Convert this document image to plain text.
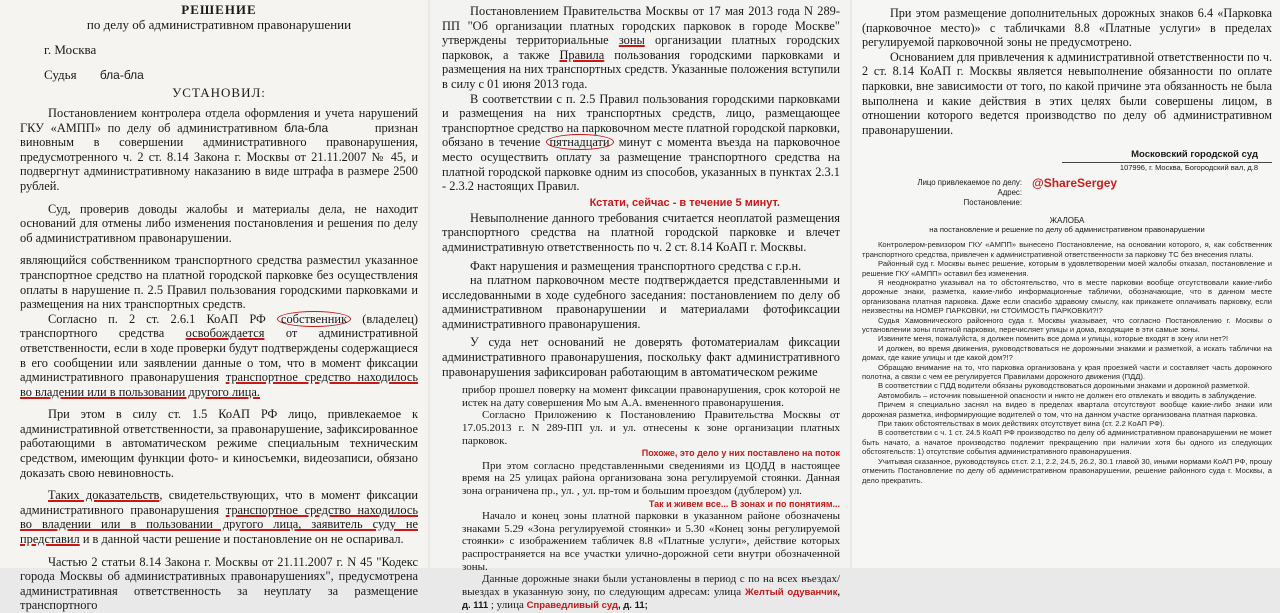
РЕШЕНИЕ

по делу об административном правонарушении

г. Москва

Судья бла-бла

УСТАНОВИЛ:

Постановлением контролера отдела оформления и учета нарушений ГКУ «АМПП» по делу об административном бла-бла	признан виновным в совершении административного правонарушения, предусмотренного ч. 2 ст. 8.14 Закона г. Москвы от 21.11.2007 № 45, и подвергнут административному наказанию в виде штрафа в размере 2500 рублей.

Суд, проверив доводы жалобы и материалы дела, не находит оснований для отмены либо изменения постановления и решения по делу об административном правонарушении.

являющийся собственником транспортного средства разместил указанное транспортное средство на платной городской парковке без осуществления оплаты в нарушение п. 2.5 Правил пользования городскими парковками и размещения на них транспортных средств.

Согласно п. 2 ст. 2.6.1 КоАП РФ собственник (владелец) транспортного средства освобождается от административной ответственности, если в ходе проверки будут подтверждены содержащиеся в его сообщении или заявлении данные о том, что в момент фиксации административного правонарушения транспортное средство находилось во владении или в пользовании другого лица.

При этом в силу ст. 1.5 КоАП РФ лицо, привлекаемое к административной ответственности, за правонарушение, зафиксированное работающими в автоматическом режиме специальным техническим средством, имеющим функции фото- и киносъемки, видеозаписи, обязано доказать свою невиновность.

Таких доказательств, свидетельствующих, что в момент фиксации административного правонарушения транспортное средство находилось во владении или в пользовании другого лица, заявитель суду не представил и в данной части решение и постановление он не оспаривал.

Частью 2 статьи 8.14 Закона г. Москвы от 21.11.2007 г. N 45 "Кодекс города Москвы об административных правонарушениях", предусмотрена административная ответственность за неуплату за размещение транспортного

Постановлением Правительства Москвы от 17 мая 2013 года N 289-ПП "Об организации платных городских парковок в городе Москве" утверждены территориальные зоны организации платных городских парковок, а также Правила пользования городскими парковками и размещения на них транспортных средств. Указанные положения вступили в силу с 01 июня 2013 года.

В соответствии с п. 2.5 Правил пользования городскими парковками и размещения на них транспортных средств, лицо, размещающее транспортное средство на парковочном месте платной городской парковки, обязано в течение пятнадцати минут с момента въезда на парковочное место осуществить оплату за размещение транспортного средства на платной городской парковке одним из способов, указанных в пунктах 2.3.1 - 2.3.2 настоящих Правил.

Кстати, сейчас - в течение 5 минут.

Невыполнение данного требования считается неоплатой размещения транспортного средства на платной городской парковке и влечет административную ответственность по ч. 2 ст. 8.14 КоАП г. Москвы.

Факт нарушения и размещения транспортного средства с г.р.н.

на платном парковочном месте подтверждается представленными и исследованными в ходе судебного заседания: постановлением по делу об административном правонарушении и материалами фотофиксации административного правонарушения.

У суда нет оснований не доверять фотоматериалам фиксации административного правонарушения, поскольку факт административного правонарушения зафиксирован работающим в автоматическом режиме

прибор прошел поверку на момент фиксации правонарушения, срок которой не истек на дату совершения Мо ым А.А. вмененного правонарушения.

Согласно Приложению к Постановлению Правительства Москвы от 17.05.2013 г. N 289-ПП ул. и ул. отнесены к зоне организации платных парковок.

Похоже, это дело у них поставлено на поток

При этом согласно представленными сведениями из ЦОДД в настоящее время на 25 улицах района организована зона регулируемой стоянки. Данная зона ограничена пр., ул. , ул. пр-том и большим проездом (дублером) ул.

Так и живем все... В зонах и по понятиям...

Начало и конец зоны платной парковки в указанном районе обозначены знаками 5.29 «Зона регулируемой стоянки» и 5.30 «Конец зоны регулируемой стоянки» с изображением табличек 8.8 «Платные услуги», действие которых распространяется на все участки улично-дорожной сети внутри обозначенной зоны.

Данные дорожные знаки были установлены в период с по на всех въездах/выездах в указанную зону, по следующим адресам: улица Желтый одуванчик, д. 111 ; улица Справедливый суд, д. 11;

При этом размещение дополнительных дорожных знаков 6.4 «Парковка (парковочное место)» с табличками 8.8 «Платные услуги» в пределах регулируемой парковочной зоны не предусмотрено.

Основанием для привлечения к административной ответственности по ч. 2 ст. 8.14 КоАП г. Москвы является невыполнение обязанности по оплате парковки, вне зависимости от того, по какой причине эта обязанность не была выполнена и какие действия в этих целях были совершены лицом, в отношении которого ведется производство по делу об административном правонарушении.

Московский городской суд

107996, г. Москва, Богородский вал, д.8

Лицо привлекаемое по делу:

Адрес:

Постановление:

@ShareSergey

ЖАЛОБА

на постановление и решение по делу об административном правонарушении

Контролером-ревизором ГКУ «АМПП» вынесено Постановление, на основании которого, я, как собственник транспортного средства, привлечен к административной ответственности за парковку ТС без внесения платы.

Районный суд г. Москвы вынес решение, которым в удовлетворении моей жалобы отказал, постановление и решение ГКУ «АМПП» оставил без изменения.

Я неоднократно указывал на то обстоятельство, что в месте парковки вообще отсутствовали какие-либо дорожные знаки, разметка, какие-либо информационные таблички, обозначающие, что в данном месте организована платная парковка. Даже если спасибо здравому смыслу, как прикажете оплачивать парковку, если неизвестны на НОМЕР ПАРКОВКИ, ни СТОИМОСТЬ ПАРКОВКИ?!?

Судья Хамовнического районного суда г. Москвы указывает, что согласно Постановлению г. Москвы о установлении зоны платной парковки, перечисляет улицы и дома, входящие в эти самые зоны.

Извините меня, пожалуйста, я должен помнить все дома и улицы, которые входят в зону или нет?!

И должен, во время движения, руководствоваться не дорожными знаками и разметкой, а искать таблички на домах, где какие улицы и где какой дом?!?

Обращаю внимание на то, что парковка организована у края проезжей части и составляет часть дорожного полотна, а связи с чем ее регулируется Правилами дорожного движения (ПДД).

В соответствии с ПДД водители обязаны руководствоваться дорожными знаками и дорожной разметкой.

Автомобиль – источник повышенной опасности и никто не должен его отвлекать и вводить в заблуждение.

Причем я специально заснял на видео в пределах квартала отсутствуют вообще какие-либо знаки или дорожная разметка, информирующие водителей о том, что на данном участке организована платная парковка.

При таких обстоятельствах в моих действиях отсутствует вина (ст. 2.2 КоАП РФ).

В соответствии с ч. 1 ст. 24.5 КоАП РФ производство по делу об административном правонарушении не может быть начато, а начатое производство подлежит прекращению при наличии хотя бы одного из следующих обстоятельств: 1) отсутствие события административного правонарушения.

Учитывая сказанное, руководствуясь ст.ст. 2.1, 2.2, 24.5, 26.2, 30.1 главой 30, иными нормами КоАП РФ, прошу отменить Постановление по делу об административном правонарушении, решение районного суда г. Москвы, а дело прекратить.
